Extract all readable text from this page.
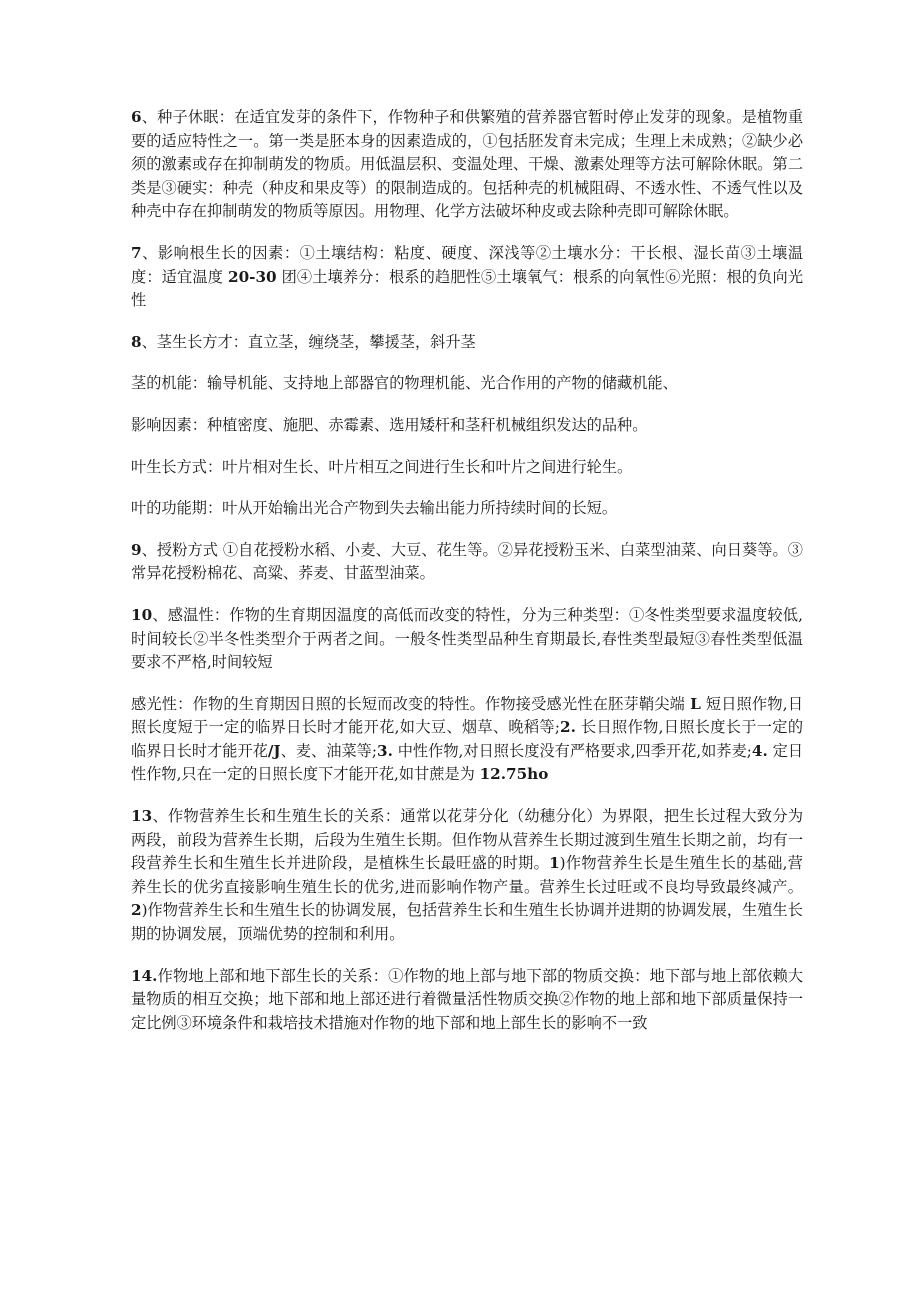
6、种子休眠：在适宜发芽的条件下，作物种子和供繁殖的营养器官暂时停止发芽的现象。是植物重要的适应特性之一。第一类是胚本身的因素造成的，①包括胚发育未完成；生理上未成熟；②缺少必须的激素或存在抑制萌发的物质。用低温层积、变温处理、干燥、激素处理等方法可解除休眠。第二类是③硬实：种壳（种皮和果皮等）的限制造成的。包括种壳的机械阻碍、不透水性、不透气性以及种壳中存在抑制萌发的物质等原因。用物理、化学方法破坏种皮或去除种壳即可解除休眠。

7、影响根生长的因素：①土壤结构：粘度、硬度、深浅等②土壤水分：干长根、湿长苗③土壤温度：适宜温度 20-30 团④土壤养分：根系的趋肥性⑤土壤氧气：根系的向氧性⑥光照：根的负向光性

8、茎生长方才：直立茎，缠绕茎，攀援茎，斜升茎

茎的机能：输导机能、支持地上部器官的物理机能、光合作用的产物的储藏机能、

影响因素：种植密度、施肥、赤霉素、选用矮杆和茎秆机械组织发达的品种。

叶生长方式：叶片相对生长、叶片相互之间进行生长和叶片之间进行轮生。

叶的功能期：叶从开始输出光合产物到失去输出能力所持续时间的长短。

9、授粉方式 ①自花授粉水稻、小麦、大豆、花生等。②异花授粉玉米、白菜型油菜、向日葵等。③常异花授粉棉花、高粱、荞麦、甘蓝型油菜。

10、感温性：作物的生育期因温度的高低而改变的特性，分为三种类型：①冬性类型要求温度较低,时间较长②半冬性类型介于两者之间。一般冬性类型品种生育期最长,春性类型最短③春性类型低温要求不严格,时间较短

感光性：作物的生育期因日照的长短而改变的特性。作物接受感光性在胚芽鞘尖端 L 短日照作物,日照长度短于一定的临界日长时才能开花,如大豆、烟草、晚稻等;2. 长日照作物,日照长度长于一定的临界日长时才能开花/J、麦、油菜等;3. 中性作物,对日照长度没有严格要求,四季开花,如荞麦;4. 定日性作物,只在一定的日照长度下才能开花,如甘蔗是为 12.75ho

13、作物营养生长和生殖生长的关系：通常以花芽分化（幼穗分化）为界限，把生长过程大致分为两段，前段为营养生长期，后段为生殖生长期。但作物从营养生长期过渡到生殖生长期之前，均有一段营养生长和生殖生长并进阶段，是植株生长最旺盛的时期。1)作物营养生长是生殖生长的基础,营养生长的优劣直接影响生殖生长的优劣,进而影响作物产量。营养生长过旺或不良均导致最终减产。2)作物营养生长和生殖生长的协调发展，包括营养生长和生殖生长协调并进期的协调发展，生殖生长期的协调发展，顶端优势的控制和利用。

14.作物地上部和地下部生长的关系：①作物的地上部与地下部的物质交换：地下部与地上部依赖大量物质的相互交换；地下部和地上部还进行着微量活性物质交换②作物的地上部和地下部质量保持一定比例③环境条件和栽培技术措施对作物的地下部和地上部生长的影响不一致
